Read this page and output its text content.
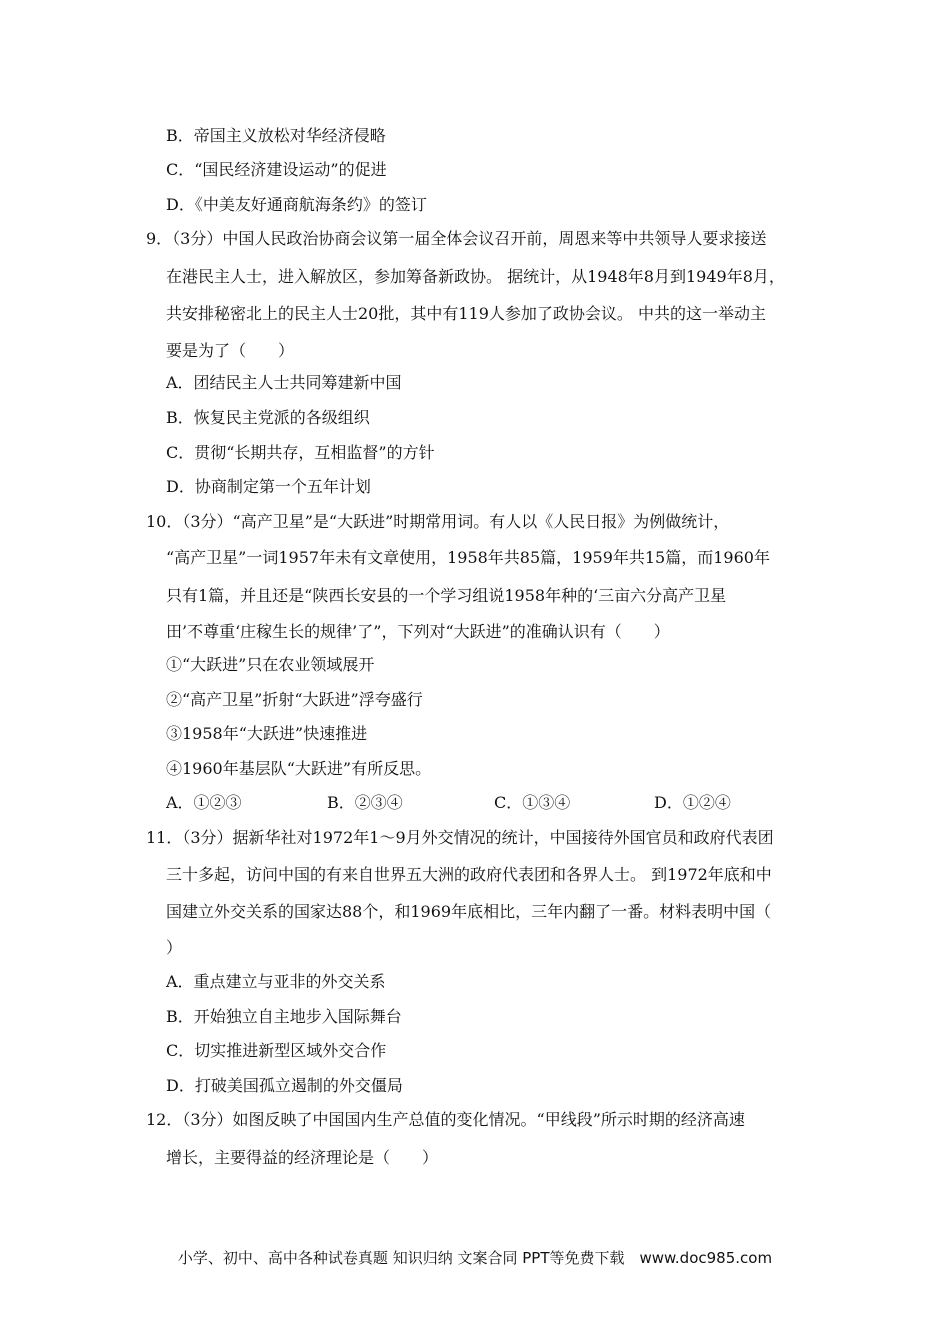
B．帝国主义放松对华经济侵略
C．“国民经济建设运动”的促进
D．《中美友好通商航海条约》的签订
9．（3分）中国人民政治协商会议第一届全体会议召开前，周恩来等中共领导人要求接送
在港民主人士，进入解放区，参加筹备新政协。 据统计，从1948年8月到1949年8月，
共安排秘密北上的民主人士20批，其中有119人参加了政协会议。 中共的这一举动主
要是为了（　　）
A．团结民主人士共同筹建新中国
B．恢复民主党派的各级组织
C．贯彻“长期共存，互相监督”的方针
D．协商制定第一个五年计划
10．（3分）“高产卫星”是“大跃进”时期常用词。有人以《人民日报》为例做统计，
“高产卫星”一词1957年未有文章使用，1958年共85篇，1959年共15篇，而1960年
只有1篇，并且还是“陕西长安县的一个学习组说1958年种的‘三亩六分高产卫星
田’不尊重‘庄稼生长的规律’了”，下列对“大跃进”的准确认识有（　　）
①“大跃进”只在农业领域展开
②“高产卫星”折射“大跃进”浮夸盛行
③1958年“大跃进”快速推进
④1960年基层队“大跃进”有所反思。
A．①②③	B．②③④	C．①③④	D．①②④
11．（3分）据新华社对1972年1～9月外交情况的统计，中国接待外国官员和政府代表团
三十多起，访问中国的有来自世界五大洲的政府代表团和各界人士。 到1972年底和中
国建立外交关系的国家达88个，和1969年底相比，三年内翻了一番。材料表明中国（
）
A．重点建立与亚非的外交关系
B．开始独立自主地步入国际舞台
C．切实推进新型区域外交合作
D．打破美国孤立遏制的外交僵局
12．（3分）如图反映了中国国内生产总值的变化情况。“甲线段”所示时期的经济高速
增长，主要得益的经济理论是（　　）
小学、初中、高中各种试卷真题 知识归纳 文案合同 PPT等免费下载　www.doc985.com
